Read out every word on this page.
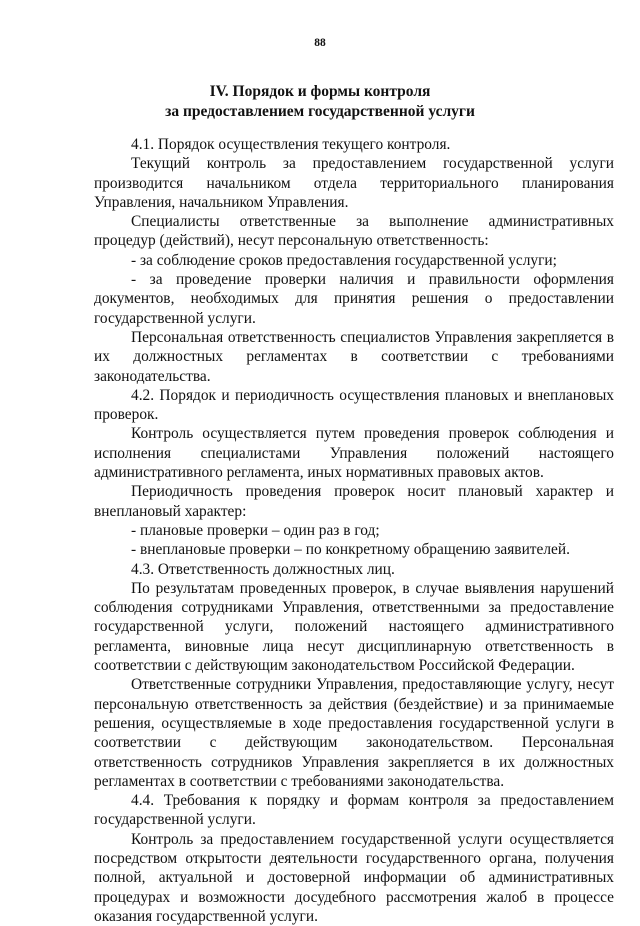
88
IV. Порядок и формы контроля
за предоставлением государственной услуги

4.1. Порядок осуществления текущего контроля.

Текущий контроль за предоставлением государственной услуги производится начальником отдела территориального планирования Управления, начальником Управления.

Специалисты ответственные за выполнение административных процедур (действий), несут персональную ответственность:

- за соблюдение сроков предоставления государственной услуги;

- за проведение проверки наличия и правильности оформления документов, необходимых для принятия решения о предоставлении государственной услуги.

Персональная ответственность специалистов Управления закрепляется в их должностных регламентах в соответствии с требованиями законодательства.

4.2. Порядок и периодичность осуществления плановых и внеплановых проверок.

Контроль осуществляется путем проведения проверок соблюдения и исполнения специалистами Управления положений настоящего административного регламента, иных нормативных правовых актов.

Периодичность проведения проверок носит плановый характер и внеплановый характер:

- плановые проверки – один раз в год;

- внеплановые проверки – по конкретному обращению заявителей.

4.3. Ответственность должностных лиц.

По результатам проведенных проверок, в случае выявления нарушений соблюдения сотрудниками Управления, ответственными за предоставление государственной услуги, положений настоящего административного регламента, виновные лица несут дисциплинарную ответственность в соответствии с действующим законодательством Российской Федерации.

Ответственные сотрудники Управления, предоставляющие услугу, несут персональную ответственность за действия (бездействие) и за принимаемые решения, осуществляемые в ходе предоставления государственной услуги в соответствии с действующим законодательством. Персональная ответственность сотрудников Управления закрепляется в их должностных регламентах в соответствии с требованиями законодательства.

4.4. Требования к порядку и формам контроля за предоставлением государственной услуги.

Контроль за предоставлением государственной услуги осуществляется посредством открытости деятельности государственного органа, получения полной, актуальной и достоверной информации об административных процедурах и возможности досудебного рассмотрения жалоб в процессе оказания государственной услуги.
